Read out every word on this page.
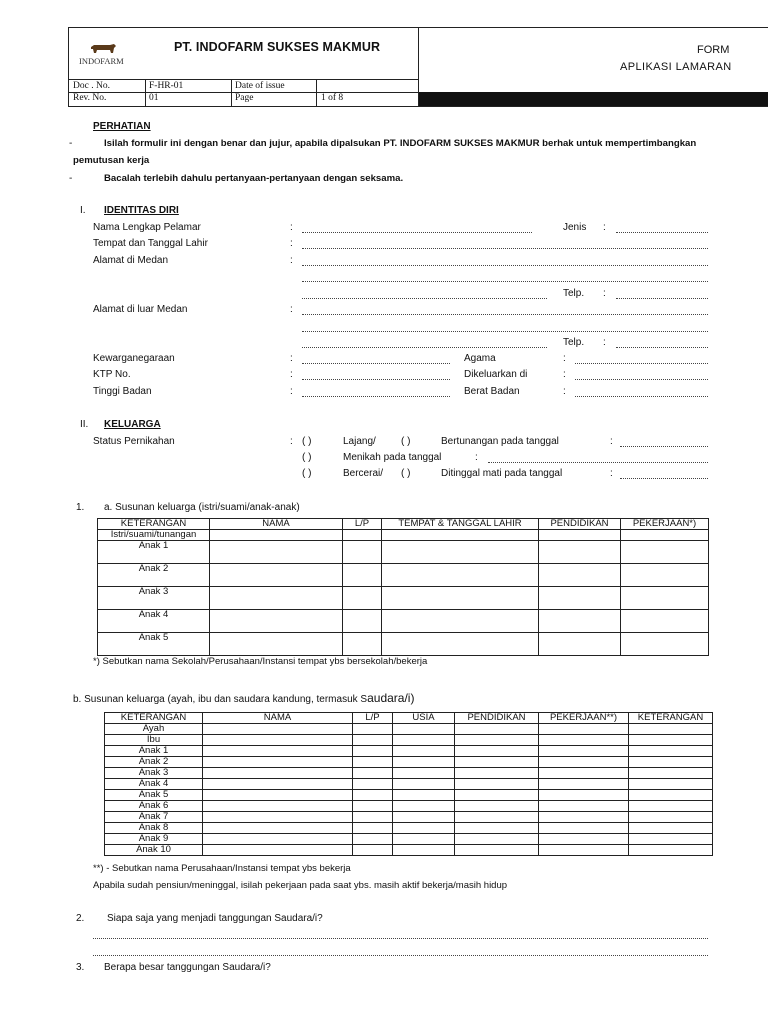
INDOFARM
PT. INDOFARM SUKSES MAKMUR
Doc . No.	F-HR-01	Date of issue
Rev. No.	01	Page	1 of 8
FORM
APLIKASI LAMARAN
PERHATIAN
-	Isilah formulir ini dengan benar dan jujur, apabila dipalsukan PT. INDOFARM SUKSES MAKMUR berhak untuk mempertimbangkan
pemutusan kerja
-	Bacalah terlebih dahulu pertanyaan-pertanyaan dengan seksama.
I. IDENTITAS DIRI
Nama Lengkap Pelamar	:	Jenis :
Tempat dan Tanggal Lahir	:
Alamat di Medan	:
Telp. :
Alamat di luar Medan	:
Telp. :
Kewarganegaraan	:	Agama	:
KTP No.	:	Dikeluarkan di	:
Tinggi Badan	:	Berat Badan	:
II. KELUARGA
Status Pernikahan	: ( )	Lajang/	( )	Bertunangan pada tanggal	:
( )	Menikah pada tanggal	:
( )	Bercerai/ ( )	Ditinggal mati pada tanggal	:
1. a. Susunan keluarga (istri/suami/anak-anak)
KETERANGAN	NAMA	L/P	TEMPAT & TANGGAL LAHIR	PENDIDIKAN	PEKERJAAN*)
Istri/suami/tunangan					
Anak 1					
Anak 2					
Anak 3					
Anak 4					
Anak 5					
*) Sebutkan nama Sekolah/Perusahaan/Instansi tempat ybs bersekolah/bekerja
b. Susunan keluarga (ayah, ibu dan saudara kandung, termasuk Saudara/i)
KETERANGAN	NAMA	L/P	USIA	PENDIDIKAN	PEKERJAAN**)	KETERANGAN
Ayah						
Ibu						
Anak 1						
Anak 2						
Anak 3						
Anak 4						
Anak 5						
Anak 6						
Anak 7						
Anak 8						
Anak 9						
Anak 10						
**) - Sebutkan nama Perusahaan/Instansi tempat ybs bekerja
Apabila sudah pensiun/meninggal, isilah pekerjaan pada saat ybs. masih aktif bekerja/masih hidup
2. Siapa saja yang menjadi tanggungan Saudara/i?
3. Berapa besar tanggungan Saudara/i?
